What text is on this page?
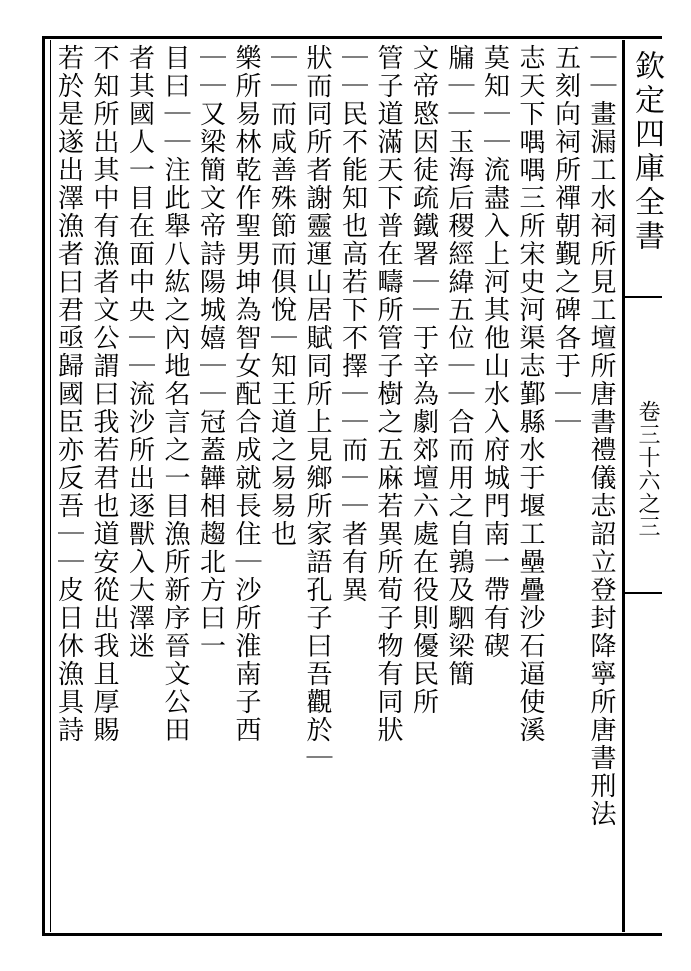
欽定四庫全書
卷三十六之三
｜｜畫漏工水祠所見工壇所唐書禮儀志詔立登封降寧所唐書刑法
五刻向祠所禪朝覲之碑各于｜｜
志天下喁喁三所宋史河渠志鄞縣水于堰工壘疊沙石逼使溪
莫知｜｜流盡入上河其他山水入府城門南一帶有碶
牖｜｜玉海后稷經緯五位｜｜合而用之自鶉及駟梁簡
文帝愍因徒疏鐵署｜｜于辛為劇郊壇六處在役則優民所
管子道滿天下普在疇所管子樹之五麻若異所荀子物有同狀
｜｜民不能知也高若下不擇｜｜而｜｜者有異
狀而同所者謝靈運山居賦同所上見鄉所家語孔子曰吾觀於｜
｜｜而咸善殊節而俱悅｜知王道之易易也
樂所易林乾作聖男坤為智女配合成就長住｜沙所淮南子西
｜｜又梁簡文帝詩陽城嬉｜｜冠蓋韡相趨北方曰一
目曰｜｜注此舉八紘之內地名言之一目漁所新序晉文公田
者其國人一目在面中央｜｜流沙所出逐獸入大澤迷
不知所出其中有漁者文公謂曰我若君也道安從出我且厚賜
若於是遂出澤漁者曰君亟歸國臣亦反吾｜｜皮日休漁具詩
